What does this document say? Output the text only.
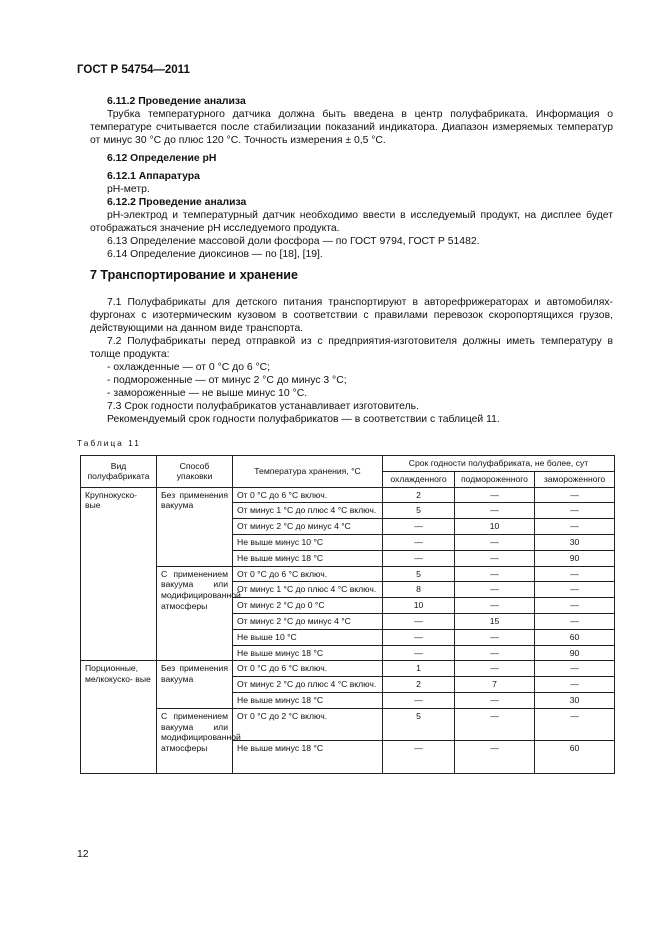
ГОСТ Р 54754—2011

6.11.2 Проведение анализа

Трубка температурного датчика должна быть введена в центр полуфабриката. Информация о температуре считывается после стабилизации показаний индикатора. Диапазон измеряемых температур от минус 30 °С до плюс 120 °С. Точность измерения ± 0,5 °С.

6.12 Определение рН

6.12.1 Аппаратура

рН-метр.

6.12.2 Проведение анализа

рН-электрод и температурный датчик необходимо ввести в исследуемый продукт, на дисплее будет отображаться значение рН исследуемого продукта.

6.13 Определение массовой доли фосфора — по ГОСТ 9794, ГОСТ Р 51482.

6.14 Определение диоксинов — по [18], [19].

7 Транспортирование и хранение

7.1 Полуфабрикаты для детского питания транспортируют в авторефрижераторах и автомобилях-фургонах с изотермическим кузовом в соответствии с правилами перевозок скоропортящихся грузов, действующими на данном виде транспорта.

7.2 Полуфабрикаты перед отправкой из с предприятия-изготовителя должны иметь температуру в толще продукта:

- охлажденные — от 0 °С до 6 °С;

- подмороженные — от минус 2 °С до минус 3 °С;

- замороженные — не выше минус 10 °С.

7.3 Срок годности полуфабрикатов устанавливает изготовитель.

Рекомендуемый срок годности полуфабрикатов — в соответствии с таблицей 11.

Таблица 11
Вид полуфабриката	Способ упаковки	Температура хранения, °С	Срок годности полуфабриката, не более, сут		
			охлажденного	подмороженного	замороженного
Крупнокуско- вые	Без применения вакуума	От 0 °С до 6 °С включ.	2	—	—
		От минус 1 °С до плюс 4 °С включ.	5	—	—
		От минус 2 °С до минус 4 °С	—	10	—
		Не выше минус 10 °С	—	—	30
		Не выше минус 18 °С	—	—	90
	С применением вакуума или модифицированной атмосферы	От 0 °С до 6 °С включ.	5	—	—
		От минус 1 °С до плюс 4 °С включ.	8	—	—
		От минус 2 °С до 0 °С	10	—	—
		От минус 2 °С до минус 4 °С	—	15	—
		Не выше 10 °С	—	—	60
		Не выше минус 18 °С	—	—	90
Порционные, мелкокуско- вые	Без применения вакуума	От 0 °С до 6 °С включ.	1	—	—
		От минус 2 °С до плюс 4 °С включ.	2	7	—
		Не выше минус 18 °С	—	—	30
	С применением вакуума или модифицированной атмосферы	От 0 °С до 2 °С включ.	5	—	—
		Не выше минус 18 °С	—	—	60
12
